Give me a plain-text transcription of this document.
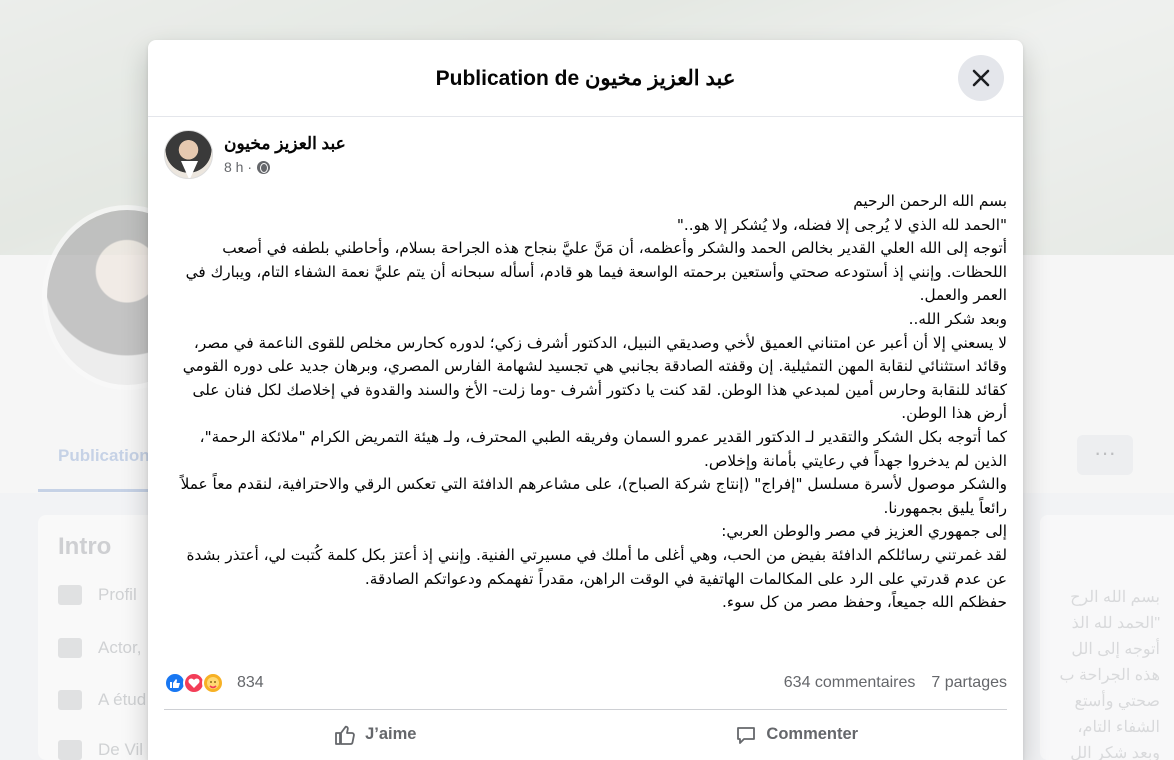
Publication de عبد العزيز مخيون
عبد العزيز مخيون
8 h ·

بسم الله الرحمن الرحيم

"الحمد لله الذي لا يُرجى إلا فضله، ولا يُشكر إلا هو.."

أتوجه إلى الله العلي القدير بخالص الحمد والشكر وأعظمه، أن مَنَّ عليَّ بنجاح هذه الجراحة بسلام، وأحاطني بلطفه في أصعب اللحظات. وإنني إذ أستودعه صحتي وأستعين برحمته الواسعة فيما هو قادم، أسأله سبحانه أن يتم عليَّ نعمة الشفاء التام، ويبارك في العمر والعمل.

وبعد شكر الله..

لا يسعني إلا أن أعبر عن امتناني العميق لأخي وصديقي النبيل، الدكتور أشرف زكي؛ لدوره كحارس مخلص للقوى الناعمة في مصر، وقائد استثنائي لنقابة المهن التمثيلية. إن وقفته الصادقة بجانبي هي تجسيد لشهامة الفارس المصري، وبرهان جديد على دوره القومي كقائد للنقابة وحارس أمين لمبدعي هذا الوطن. لقد كنت يا دكتور أشرف -وما زلت- الأخ والسند والقدوة في إخلاصك لكل فنان على أرض هذا الوطن.

كما أتوجه بكل الشكر والتقدير لـ الدكتور القدير عمرو السمان وفريقه الطبي المحترف، ولـ هيئة التمريض الكرام "ملائكة الرحمة"، الذين لم يدخروا جهداً في رعايتي بأمانة وإخلاص.

والشكر موصول لأسرة مسلسل "إفراج" (إنتاج شركة الصباح)، على مشاعرهم الدافئة التي تعكس الرقي والاحترافية، لنقدم معاً عملاً رائعاً يليق بجمهورنا.

إلى جمهوري العزيز في مصر والوطن العربي:

لقد غمرتني رسائلكم الدافئة بفيض من الحب، وهي أغلى ما أملك في مسيرتي الفنية. وإنني إذ أعتز بكل كلمة كُتبت لي، أعتذر بشدة عن عدم قدرتي على الرد على المكالمات الهاتفية في الوقت الراهن، مقدراً تفهمكم ودعواتكم الصادقة.

حفظكم الله جميعاً، وحفظ مصر من كل سوء.

834	634 commentaires 7 partages
J’aime	Commenter
